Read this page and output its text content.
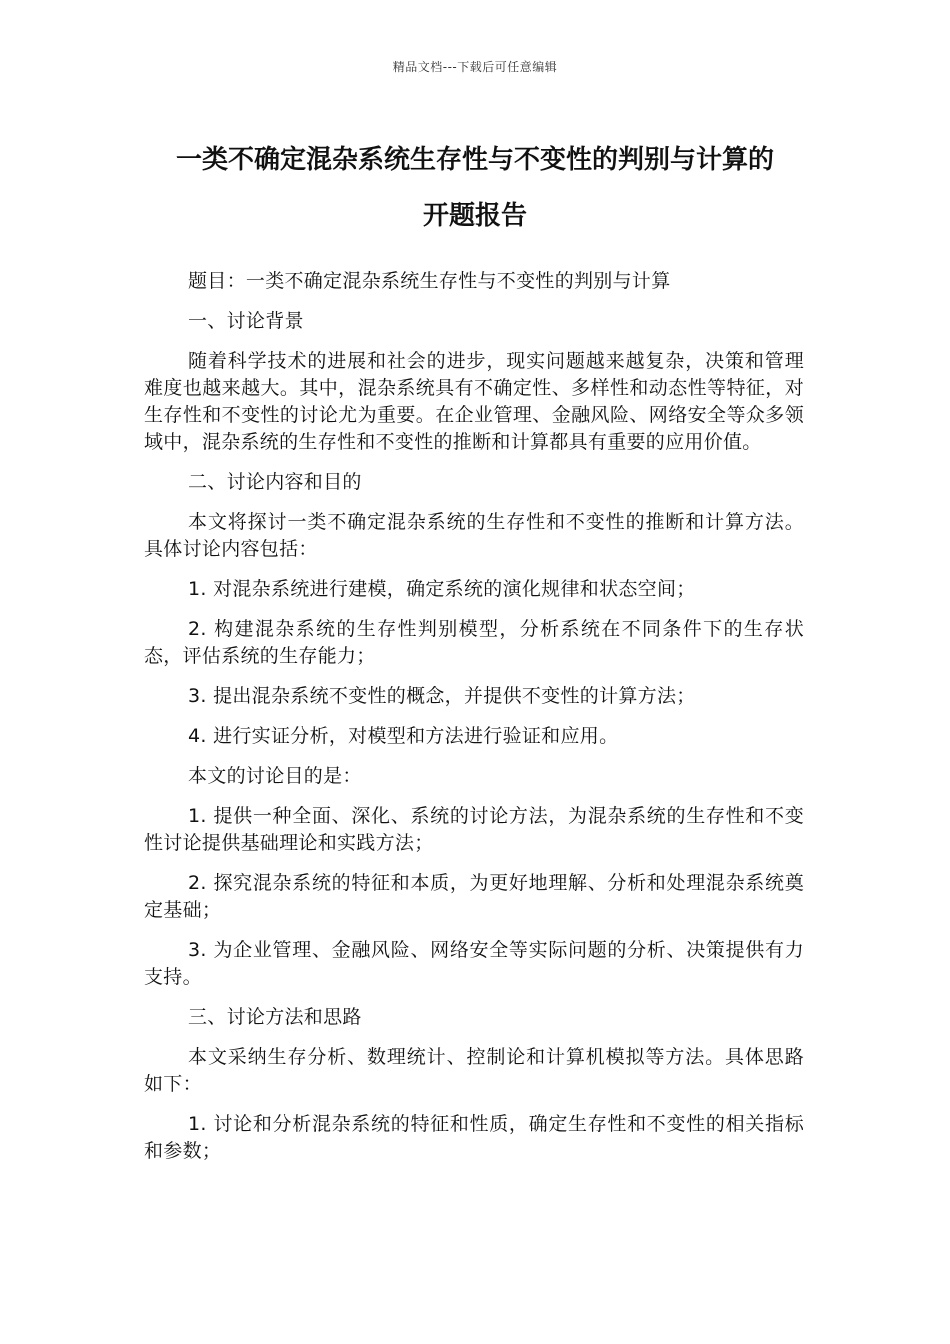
精品文档---下载后可任意编辑
一类不确定混杂系统生存性与不变性的判别与计算的
开题报告

题目：一类不确定混杂系统生存性与不变性的判别与计算

一、讨论背景

随着科学技术的进展和社会的进步，现实问题越来越复杂，决策和管理难度也越来越大。其中，混杂系统具有不确定性、多样性和动态性等特征，对生存性和不变性的讨论尤为重要。在企业管理、金融风险、网络安全等众多领域中，混杂系统的生存性和不变性的推断和计算都具有重要的应用价值。

二、讨论内容和目的

本文将探讨一类不确定混杂系统的生存性和不变性的推断和计算方法。具体讨论内容包括：

1. 对混杂系统进行建模，确定系统的演化规律和状态空间；

2. 构建混杂系统的生存性判别模型，分析系统在不同条件下的生存状态，评估系统的生存能力；

3. 提出混杂系统不变性的概念，并提供不变性的计算方法；

4. 进行实证分析，对模型和方法进行验证和应用。

本文的讨论目的是：

1. 提供一种全面、深化、系统的讨论方法，为混杂系统的生存性和不变性讨论提供基础理论和实践方法；

2. 探究混杂系统的特征和本质，为更好地理解、分析和处理混杂系统奠定基础；

3. 为企业管理、金融风险、网络安全等实际问题的分析、决策提供有力支持。

三、讨论方法和思路

本文采纳生存分析、数理统计、控制论和计算机模拟等方法。具体思路如下：

1. 讨论和分析混杂系统的特征和性质，确定生存性和不变性的相关指标和参数；
